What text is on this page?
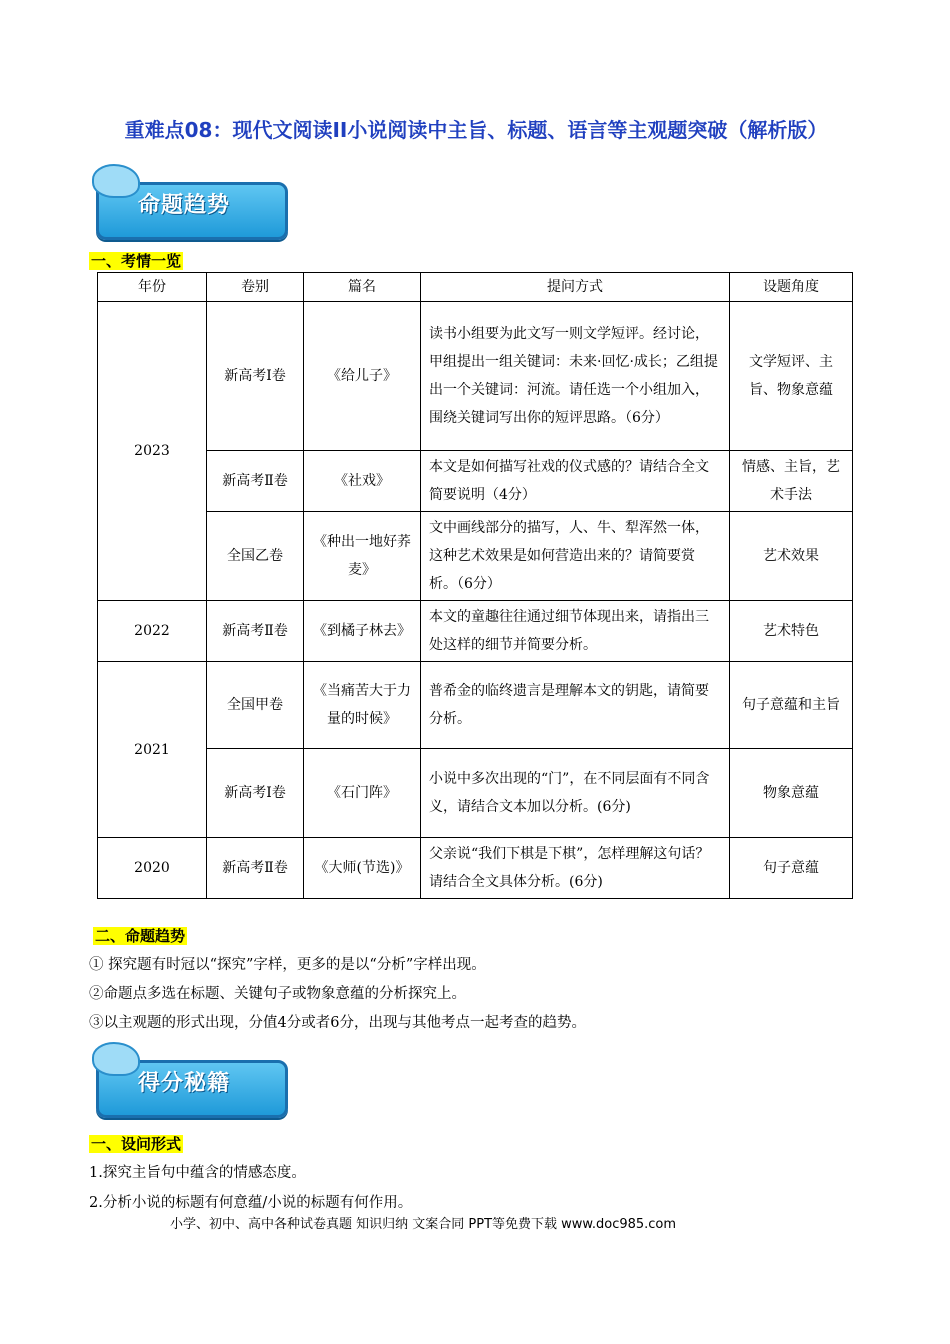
重难点08：现代文阅读II小说阅读中主旨、标题、语言等主观题突破（解析版）
命题趋势
一、考情一览
年份	卷别	篇名	提问方式	设题角度
2023	新高考Ⅰ卷	《给儿子》	读书小组要为此文写一则文学短评。经讨论，甲组提出一组关键词：未来·回忆·成长；乙组提出一个关键词：河流。请任选一个小组加入，围绕关键词写出你的短评思路。（6分）	文学短评、主旨、物象意蕴
	新高考Ⅱ卷	《社戏》	本文是如何描写社戏的仪式感的？请结合全文简要说明（4分）	情感、主旨，艺术手法
	全国乙卷	《种出一地好荞麦》	文中画线部分的描写，人、牛、犁浑然一体，这种艺术效果是如何营造出来的？请简要赏析。（6分）	艺术效果
2022	新高考Ⅱ卷	《到橘子林去》	本文的童趣往往通过细节体现出来，请指出三处这样的细节并简要分析。	艺术特色
2021	全国甲卷	《当痛苦大于力量的时候》	普希金的临终遗言是理解本文的钥匙，请简要分析。	句子意蕴和主旨
	新高考Ⅰ卷	《石门阵》	小说中多次出现的“门”，在不同层面有不同含义，请结合文本加以分析。(6分)	物象意蕴
2020	新高考Ⅱ卷	《大师(节选)》	父亲说“我们下棋是下棋”，怎样理解这句话？请结合全文具体分析。(6分)	句子意蕴
二、命题趋势
① 探究题有时冠以“探究”字样，更多的是以“分析”字样出现。
②命题点多选在标题、关键句子或物象意蕴的分析探究上。
③以主观题的形式出现，分值4分或者6分，出现与其他考点一起考查的趋势。
得分秘籍
一、设问形式
1.探究主旨句中蕴含的情感态度。
2.分析小说的标题有何意蕴/小说的标题有何作用。
小学、初中、高中各种试卷真题 知识归纳 文案合同 PPT等免费下载 www.doc985.com
